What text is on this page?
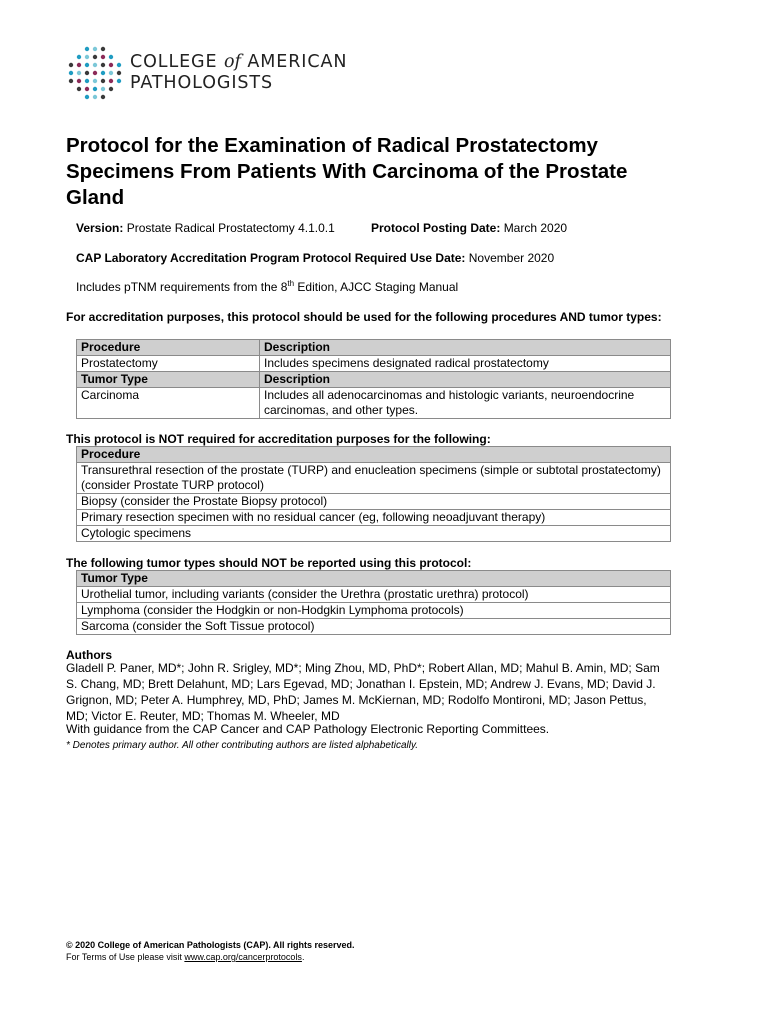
COLLEGE of AMERICAN
PATHOLOGISTS
Protocol for the Examination of Radical Prostatectomy Specimens From Patients With Carcinoma of the Prostate Gland
Version: Prostate Radical Prostatectomy 4.1.0.1	Protocol Posting Date: March 2020
CAP Laboratory Accreditation Program Protocol Required Use Date: November 2020
Includes pTNM requirements from the 8th Edition, AJCC Staging Manual
For accreditation purposes, this protocol should be used for the following procedures AND tumor types:
Procedure	Description
Prostatectomy	Includes specimens designated radical prostatectomy
Tumor Type	Description
Carcinoma	Includes all adenocarcinomas and histologic variants, neuroendocrine carcinomas, and other types.
This protocol is NOT required for accreditation purposes for the following:
Procedure
Transurethral resection of the prostate (TURP) and enucleation specimens (simple or subtotal prostatectomy) (consider Prostate TURP protocol)
Biopsy (consider the Prostate Biopsy protocol)
Primary resection specimen with no residual cancer (eg, following neoadjuvant therapy)
Cytologic specimens
The following tumor types should NOT be reported using this protocol:
Tumor Type
Urothelial tumor, including variants (consider the Urethra (prostatic urethra) protocol)
Lymphoma (consider the Hodgkin or non-Hodgkin Lymphoma protocols)
Sarcoma (consider the Soft Tissue protocol)
Authors
Gladell P. Paner, MD*; John R. Srigley, MD*; Ming Zhou, MD, PhD*; Robert Allan, MD; Mahul B. Amin, MD; Sam S. Chang, MD; Brett Delahunt, MD; Lars Egevad, MD; Jonathan I. Epstein, MD; Andrew J. Evans, MD; David J. Grignon, MD; Peter A. Humphrey, MD, PhD; James M. McKiernan, MD; Rodolfo Montironi, MD; Jason Pettus, MD; Victor E. Reuter, MD; Thomas M. Wheeler, MD
With guidance from the CAP Cancer and CAP Pathology Electronic Reporting Committees.
* Denotes primary author. All other contributing authors are listed alphabetically.
© 2020 College of American Pathologists (CAP). All rights reserved.
For Terms of Use please visit www.cap.org/cancerprotocols.
